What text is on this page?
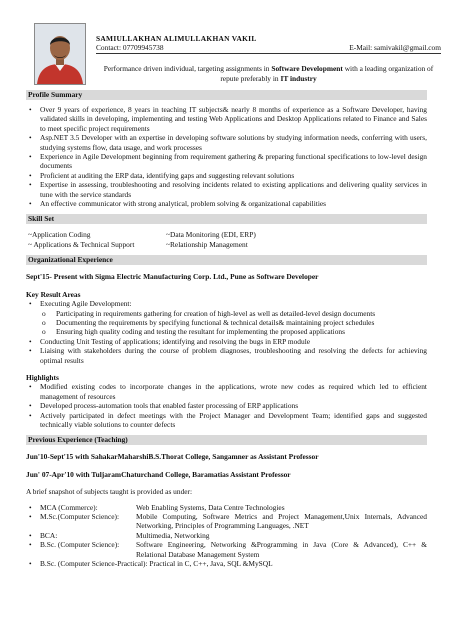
SAMIULLAKHAN ALIMULLAKHAN VAKIL
Contact: 07709945738	E-Mail: samivakil@gmail.com
Performance driven individual, targeting assignments in Software Development with a leading organization of repute preferably in IT industry
Profile Summary
• Over 9 years of experience, 8 years in teaching IT subjects& nearly 8 months of experience as a Software Developer, having validated skills in developing, implementing and testing Web Applications and Desktop Applications related to Finance and Sales to meet specific project requirements
• Asp.NET 3.5 Developer with an expertise in developing software solutions by studying information needs, conferring with users, studying systems flow, data usage, and work processes
• Experience in Agile Development beginning from requirement gathering & preparing functional specifications to low-level design documents
• Proficient at auditing the ERP data, identifying gaps and suggesting relevant solutions
• Expertise in assessing, troubleshooting and resolving incidents related to existing applications and delivering quality services in tune with the service standards
• An effective communicator with strong analytical, problem solving & organizational capabilities
Skill Set
~Application Coding	~Data Monitoring (EDI, ERP)
~ Applications & Technical Support	~Relationship Management
Organizational Experience
Sept'15- Present with Sigma Electric Manufacturing Corp. Ltd., Pune as Software Developer
Key Result Areas
• Executing Agile Development:
o Participating in requirements gathering for creation of high-level as well as detailed-level design documents
o Documenting the requirements by specifying functional & technical details& maintaining project schedules
o Ensuring high quality coding and testing the resultant for implementing the proposed applications
• Conducting Unit Testing of applications; identifying and resolving the bugs in ERP module
• Liaising with stakeholders during the course of problem diagnoses, troubleshooting and resolving the defects for achieving optimal results
Highlights
• Modified existing codes to incorporate changes in the applications, wrote new codes as required which led to efficient management of resources
• Developed process-automation tools that enabled faster processing of ERP applications
• Actively participated in defect meetings with the Project Manager and Development Team; identified gaps and suggested technically viable solutions to counter defects
Previous Experience (Teaching)
Jun'10-Sept'15 with SahakarMaharshiB.S.Thorat College, Sangamner as Assistant Professor
Jun' 07-Apr'10 with TuljaramChaturchand College, Baramatias Assistant Professor
A brief snapshot of subjects taught is provided as under:
• MCA (Commerce):	Web Enabling Systems, Data Centre Technologies
• M.Sc.(Computer Science):	Mobile Computing, Software Metrics and Project Management,Unix Internals, Advanced Networking, Principles of Programming Languages, .NET
• BCA:	Multimedia, Networking
• B.Sc. (Computer Science):	Software Engineering, Networking &Programming in Java (Core & Advanced), C++ & Relational Database Management System
• B.Sc. (Computer Science-Practical): Practical in C, C++, Java, SQL &MySQL
